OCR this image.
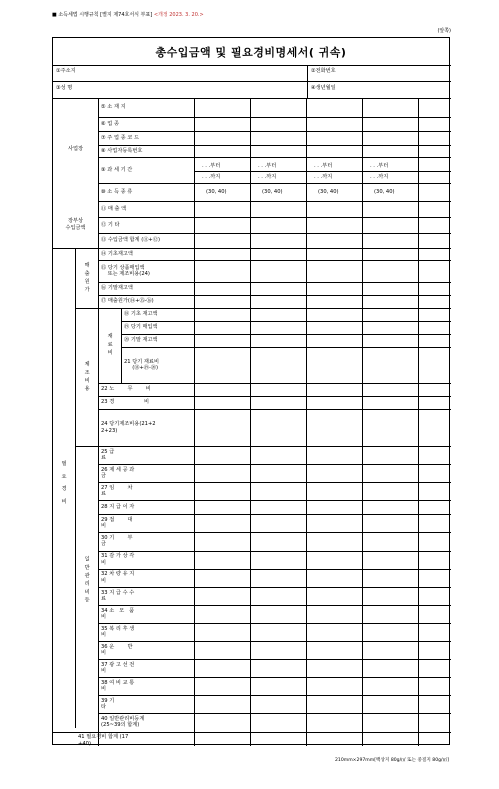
■ 소득세법 시행규칙 [별지 제74호서식 부표] <개정 2023. 3. 20.>
(앞쪽)
총수입금액 및 필요경비명세서( 귀속)
①주소지	②전화번호
③성 명	④생년월일
사업장
⑤ 소 재 지
⑥ 업 종
⑦ 주 업 종 코 드
⑧ 사업자등록번호
⑨ 과 세 기 간
⑩ 소 득 종 류
. . .부터
. . .까지
(30, 40)
. . .부터
. . .까지
(30, 40)
. . .부터
. . .까지
(30, 40)
. . .부터
. . .까지
(30, 40)
장부상
수입금액
⑪ 매 출 액
⑫ 기 타
⑬ 수입금액 합계 (⑪+⑫)
필

요

경

비
매출원가
⑭ 기초재고액
⑮ 당기 상품매입액
또는 제조비용(24)
⑯ 기말재고액
⑰ 매출원가(⑭+⑮-⑯)
제조비용
재료비
⑱ 기초 재고액
⑲ 당기 매입액
⑳ 기말 재고액
21 당기 재료비
(⑱+⑲-⑳)
22 노        무        비
23 경                  비
24 당기제조비용(21+2
2+23)
일반관리비등
25 급
료
26 제 세 공 과
금
27 임        차
료
28 지 급 이 자
29 접        대
비
30 기        부
금
31 감 가 상 각
비
32 차 량 유 지
비
33 지 급 수 수
료
34 소   모   품
비
35 복 리 후 생
비
36 운        반
비
37 광 고 선 전
비
38 여 비 교 통
비
39 기
타
40 일반관리비등계
(25~39의 합계)
41 필요경비 합계 (17
+40)
210mm×297mm[백상지 80g/㎡ 또는 중질지 80g/㎡]
